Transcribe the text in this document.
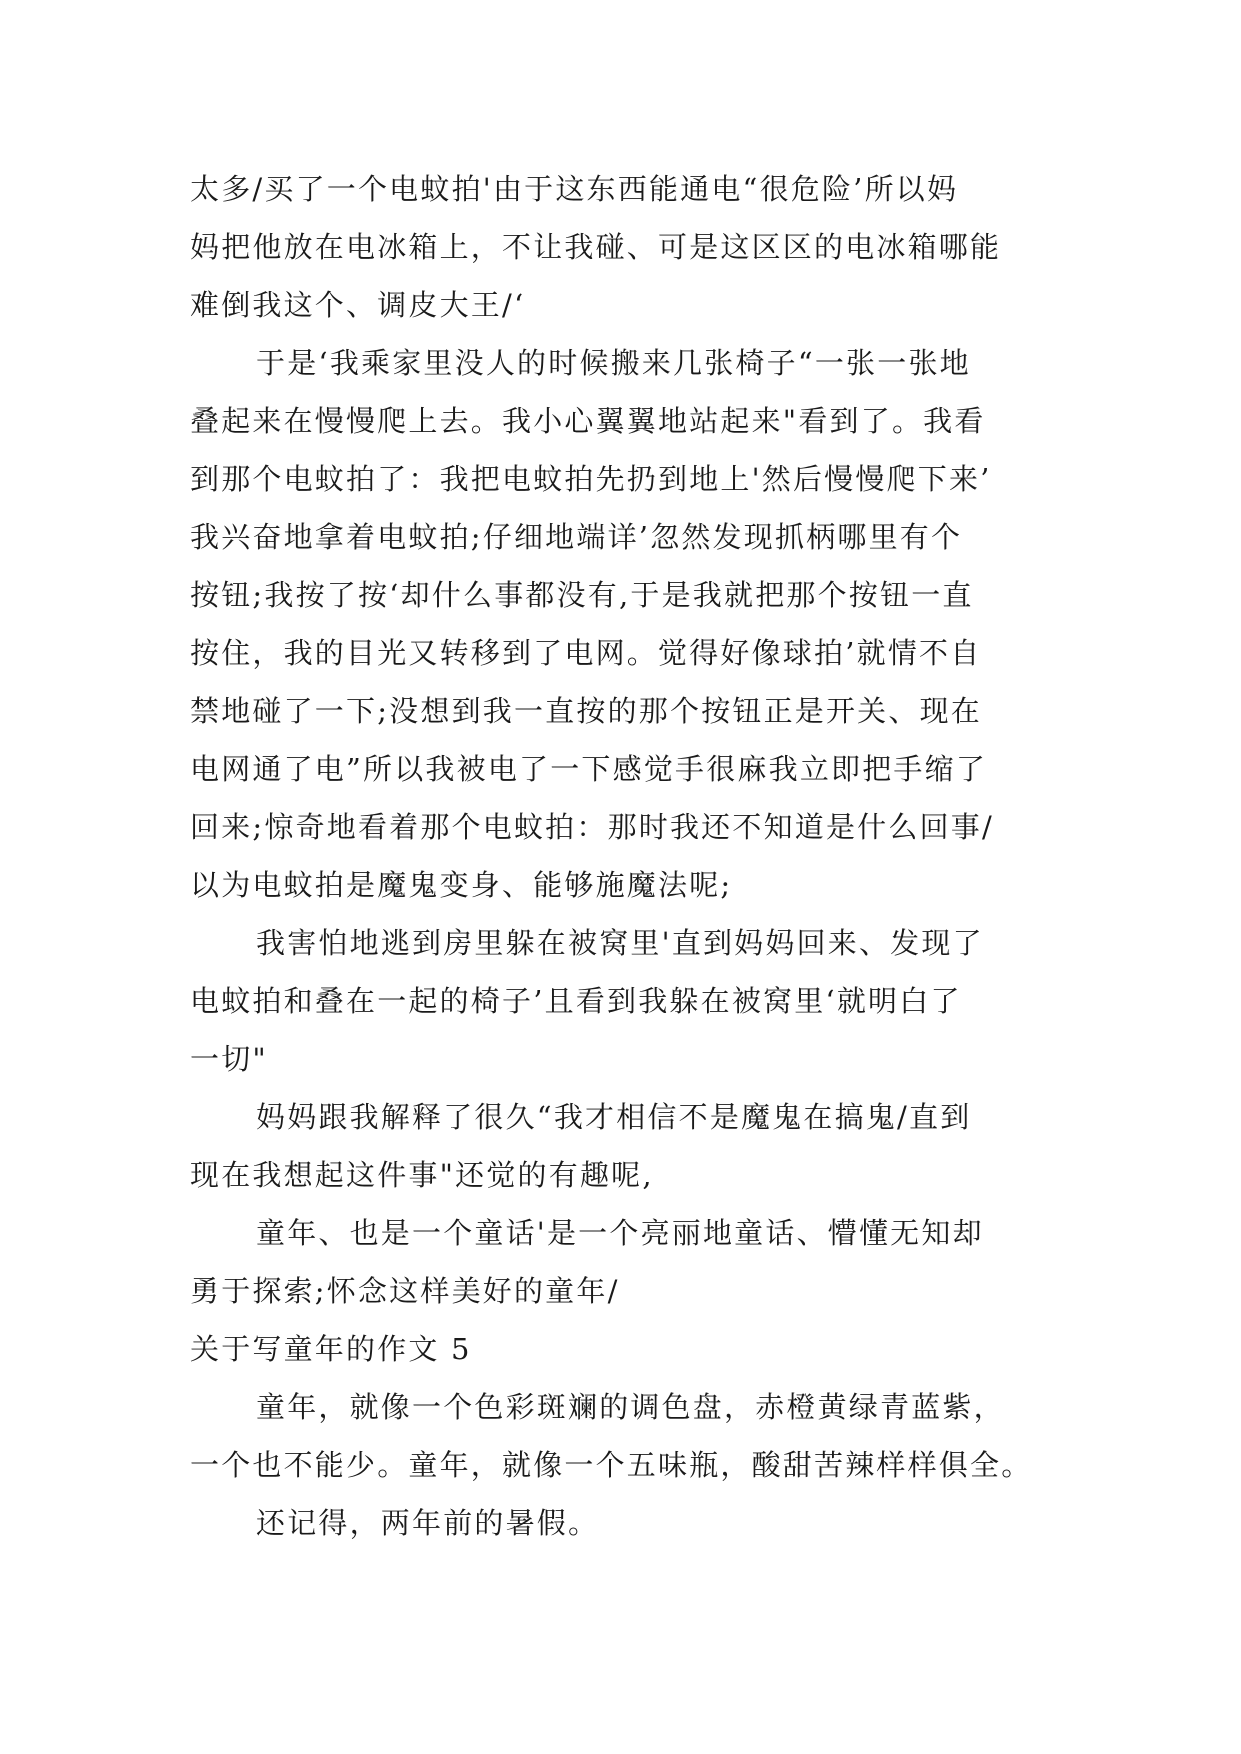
太多/买了一个电蚊拍'由于这东西能通电“很危险’所以妈
妈把他放在电冰箱上，不让我碰、可是这区区的电冰箱哪能
难倒我这个、调皮大王/‘
于是‘我乘家里没人的时候搬来几张椅子“一张一张地
叠起来在慢慢爬上去。我小心翼翼地站起来"看到了。我看
到那个电蚊拍了：我把电蚊拍先扔到地上'然后慢慢爬下来’
我兴奋地拿着电蚊拍;仔细地端详’忽然发现抓柄哪里有个
按钮;我按了按‘却什么事都没有,于是我就把那个按钮一直
按住，我的目光又转移到了电网。觉得好像球拍’就情不自
禁地碰了一下;没想到我一直按的那个按钮正是开关、现在
电网通了电”所以我被电了一下感觉手很麻我立即把手缩了
回来;惊奇地看着那个电蚊拍：那时我还不知道是什么回事/
以为电蚊拍是魔鬼变身、能够施魔法呢;
我害怕地逃到房里躲在被窝里'直到妈妈回来、发现了
电蚊拍和叠在一起的椅子’且看到我躲在被窝里‘就明白了
一切"
妈妈跟我解释了很久“我才相信不是魔鬼在搞鬼/直到
现在我想起这件事"还觉的有趣呢,
童年、也是一个童话'是一个亮丽地童话、懵懂无知却
勇于探索;怀念这样美好的童年/
关于写童年的作文 5
童年，就像一个色彩斑斓的调色盘，赤橙黄绿青蓝紫，
一个也不能少。童年，就像一个五味瓶，酸甜苦辣样样俱全。
还记得，两年前的暑假。
